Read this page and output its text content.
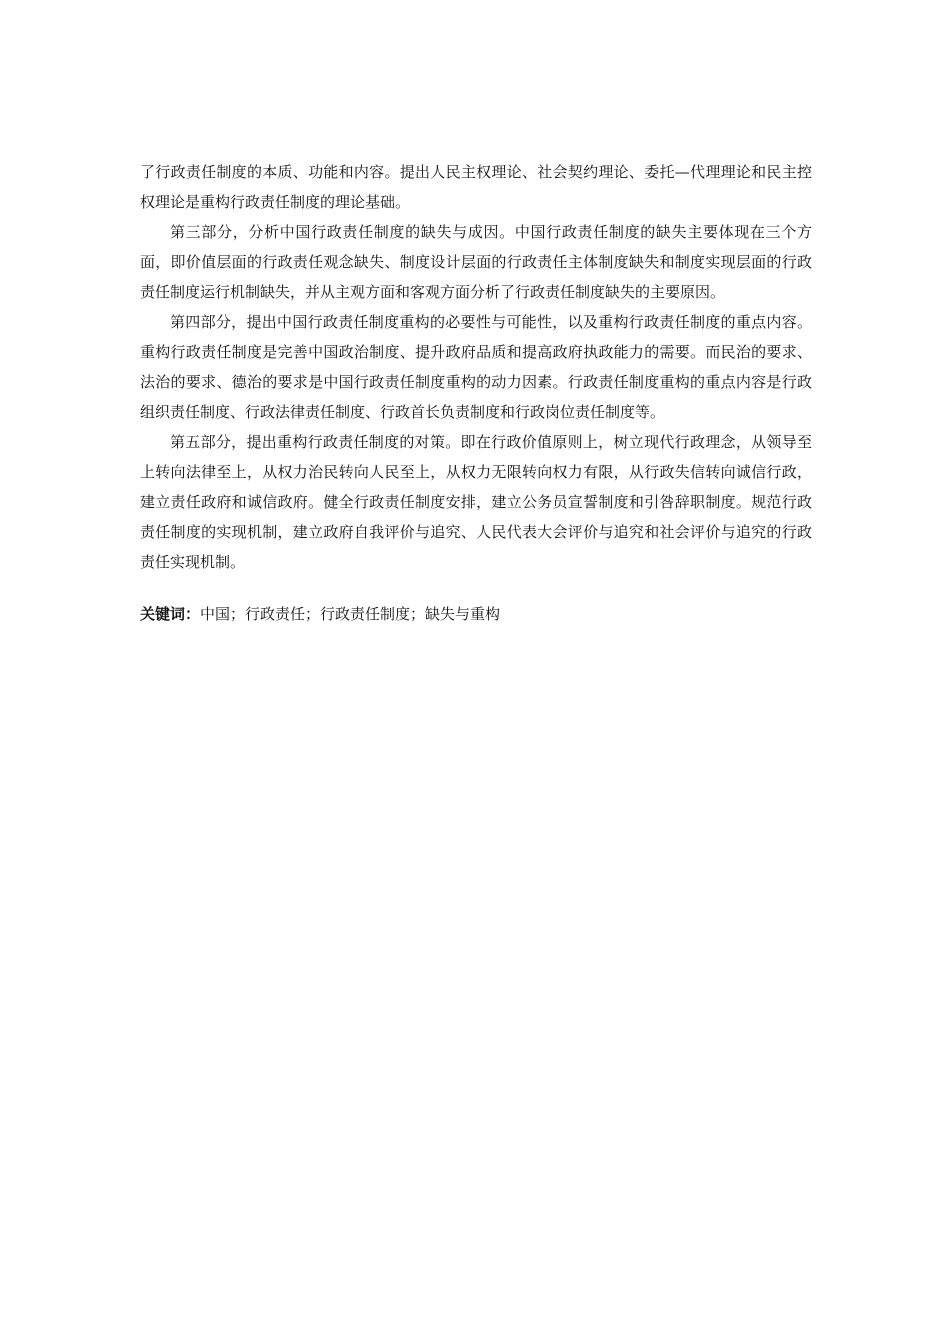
了行政责任制度的本质、功能和内容。提出人民主权理论、社会契约理论、委托—代理理论和民主控权理论是重构行政责任制度的理论基础。

第三部分，分析中国行政责任制度的缺失与成因。中国行政责任制度的缺失主要体现在三个方面，即价值层面的行政责任观念缺失、制度设计层面的行政责任主体制度缺失和制度实现层面的行政责任制度运行机制缺失，并从主观方面和客观方面分析了行政责任制度缺失的主要原因。

第四部分，提出中国行政责任制度重构的必要性与可能性，以及重构行政责任制度的重点内容。重构行政责任制度是完善中国政治制度、提升政府品质和提高政府执政能力的需要。而民治的要求、法治的要求、德治的要求是中国行政责任制度重构的动力因素。行政责任制度重构的重点内容是行政组织责任制度、行政法律责任制度、行政首长负责制度和行政岗位责任制度等。

第五部分，提出重构行政责任制度的对策。即在行政价值原则上，树立现代行政理念，从领导至上转向法律至上，从权力治民转向人民至上，从权力无限转向权力有限，从行政失信转向诚信行政，建立责任政府和诚信政府。健全行政责任制度安排，建立公务员宣誓制度和引咎辞职制度。规范行政责任制度的实现机制，建立政府自我评价与追究、人民代表大会评价与追究和社会评价与追究的行政责任实现机制。

关键词：中国；行政责任；行政责任制度；缺失与重构
